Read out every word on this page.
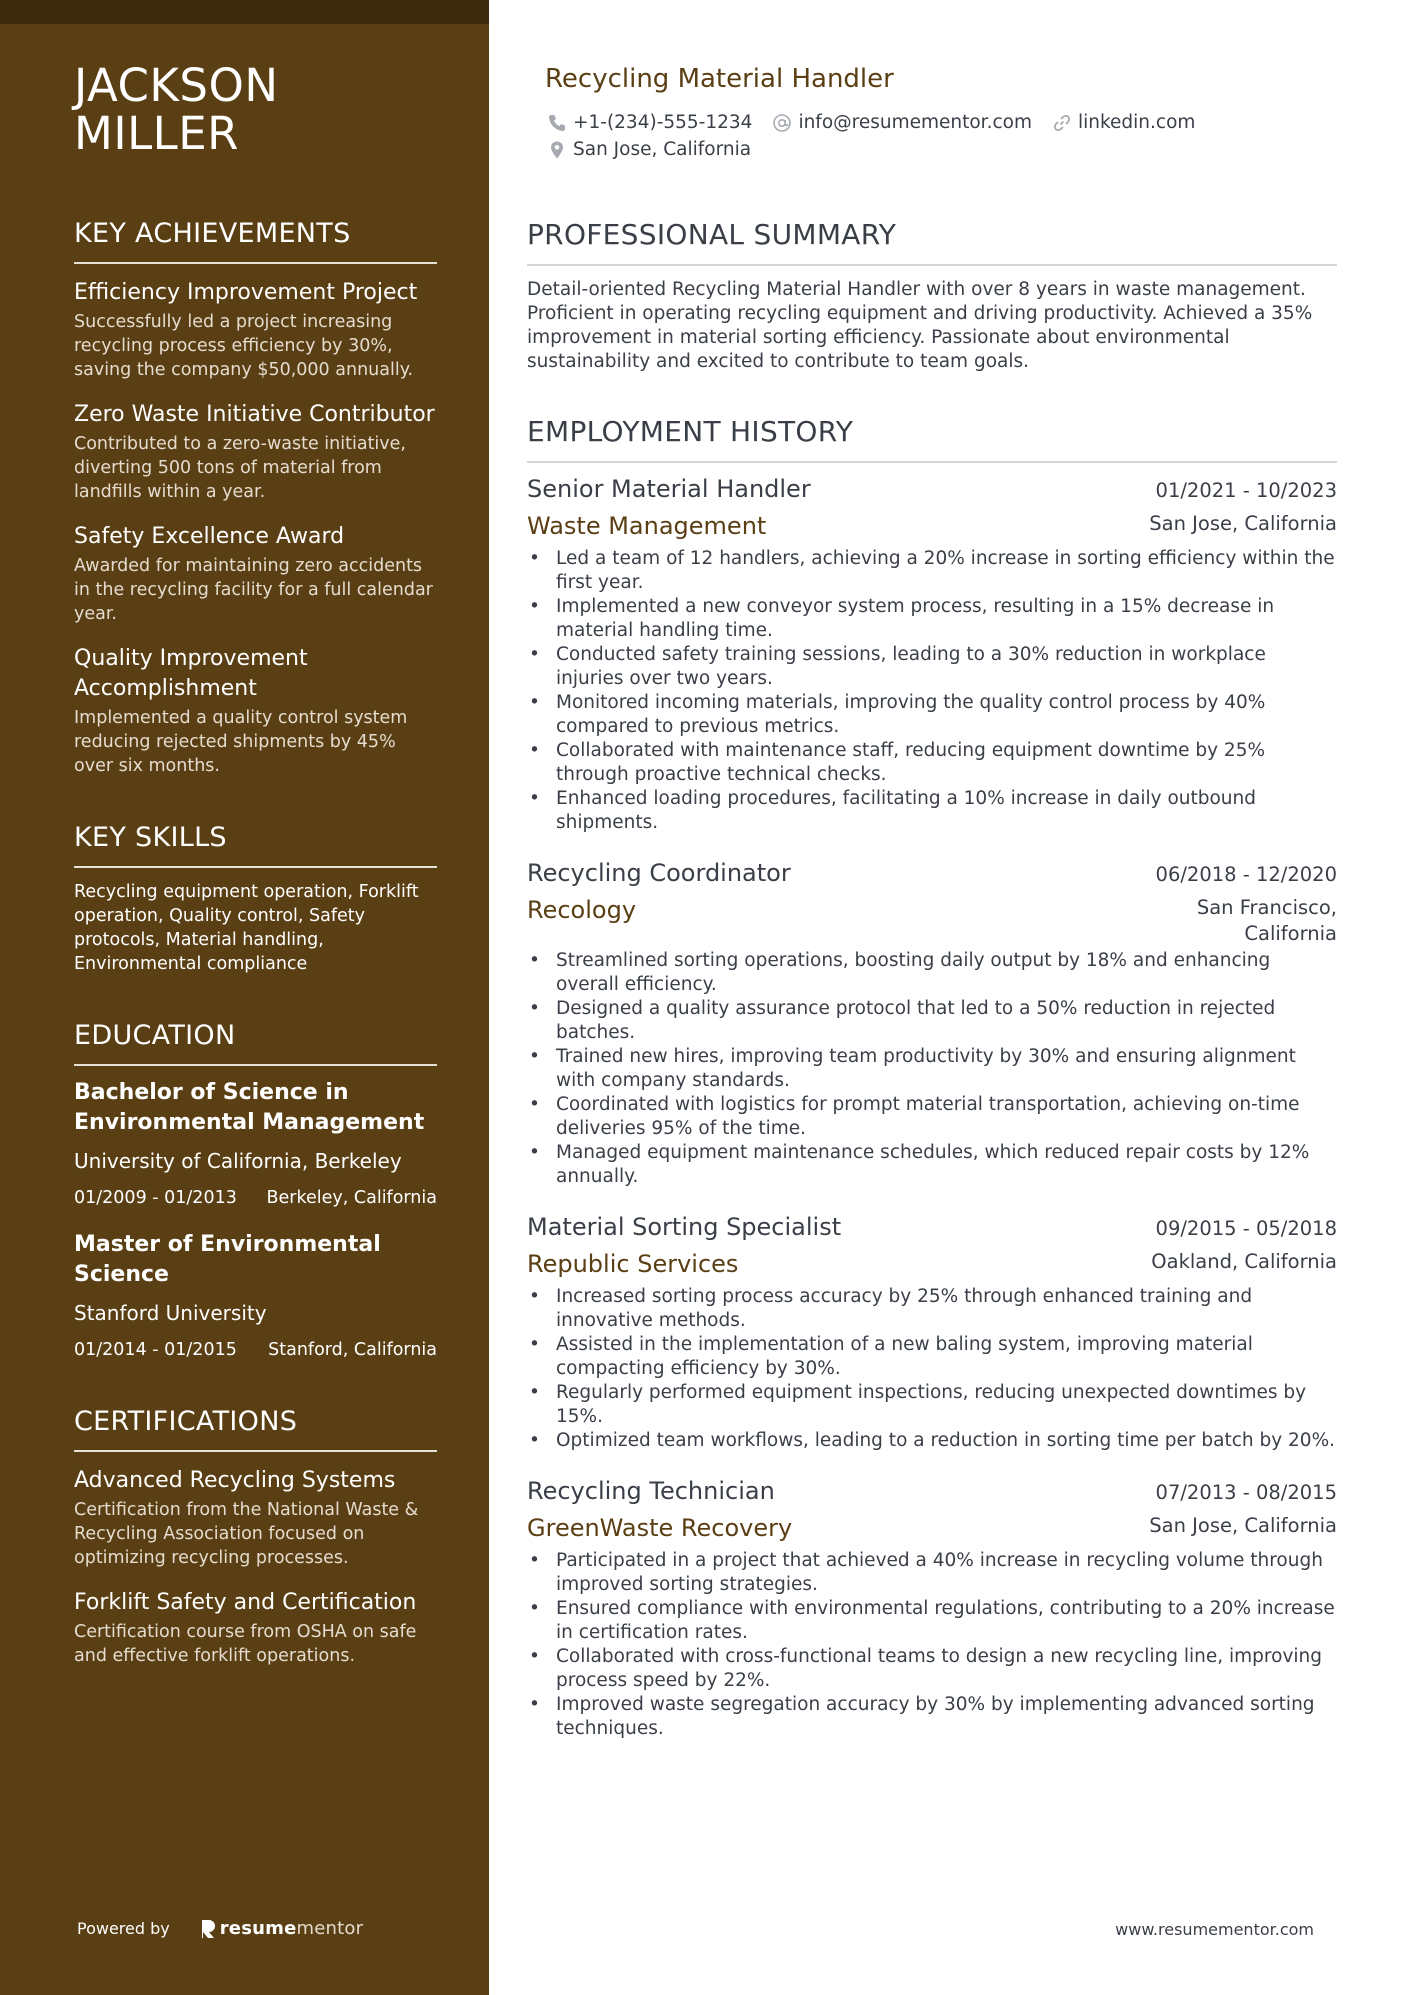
JACKSON
MILLER
KEY ACHIEVEMENTS
Efficiency Improvement Project
Successfully led a project increasing recycling process efficiency by 30%, saving the company $50,000 annually.
Zero Waste Initiative Contributor
Contributed to a zero-waste initiative, diverting 500 tons of material from landfills within a year.
Safety Excellence Award
Awarded for maintaining zero accidents in the recycling facility for a full calendar year.
Quality Improvement Accomplishment
Implemented a quality control system reducing rejected shipments by 45% over six months.
KEY SKILLS
Recycling equipment operation, Forklift operation, Quality control, Safety protocols, Material handling, Environmental compliance
EDUCATION
Bachelor of Science in Environmental Management
University of California, Berkeley
01/2009 - 01/2013 Berkeley, California
Master of Environmental Science
Stanford University
01/2014 - 01/2015 Stanford, California
CERTIFICATIONS
Advanced Recycling Systems
Certification from the National Waste & Recycling Association focused on optimizing recycling processes.
Forklift Safety and Certification
Certification course from OSHA on safe and effective forklift operations.
Powered by	resume mentor
Recycling Material Handler
+1-(234)-555-1234 info@resumementor.com linkedin.com
San Jose, California
PROFESSIONAL SUMMARY
Detail-oriented Recycling Material Handler with over 8 years in waste management. Proficient in operating recycling equipment and driving productivity. Achieved a 35% improvement in material sorting efficiency. Passionate about environmental sustainability and excited to contribute to team goals.
EMPLOYMENT HISTORY
Senior Material Handler	01/2021 - 10/2023
Waste Management	San Jose, California
• Led a team of 12 handlers, achieving a 20% increase in sorting efficiency within the first year.
• Implemented a new conveyor system process, resulting in a 15% decrease in material handling time.
• Conducted safety training sessions, leading to a 30% reduction in workplace injuries over two years.
• Monitored incoming materials, improving the quality control process by 40% compared to previous metrics.
• Collaborated with maintenance staff, reducing equipment downtime by 25% through proactive technical checks.
• Enhanced loading procedures, facilitating a 10% increase in daily outbound shipments.
Recycling Coordinator	06/2018 - 12/2020
Recology	San Francisco,
California
• Streamlined sorting operations, boosting daily output by 18% and enhancing overall efficiency.
• Designed a quality assurance protocol that led to a 50% reduction in rejected batches.
• Trained new hires, improving team productivity by 30% and ensuring alignment with company standards.
• Coordinated with logistics for prompt material transportation, achieving on-time deliveries 95% of the time.
• Managed equipment maintenance schedules, which reduced repair costs by 12% annually.
Material Sorting Specialist	09/2015 - 05/2018
Republic Services	Oakland, California
• Increased sorting process accuracy by 25% through enhanced training and innovative methods.
• Assisted in the implementation of a new baling system, improving material compacting efficiency by 30%.
• Regularly performed equipment inspections, reducing unexpected downtimes by 15%.
• Optimized team workflows, leading to a reduction in sorting time per batch by 20%.
Recycling Technician	07/2013 - 08/2015
GreenWaste Recovery	San Jose, California
• Participated in a project that achieved a 40% increase in recycling volume through improved sorting strategies.
• Ensured compliance with environmental regulations, contributing to a 20% increase in certification rates.
• Collaborated with cross-functional teams to design a new recycling line, improving process speed by 22%.
• Improved waste segregation accuracy by 30% by implementing advanced sorting techniques.
www.resumementor.com
